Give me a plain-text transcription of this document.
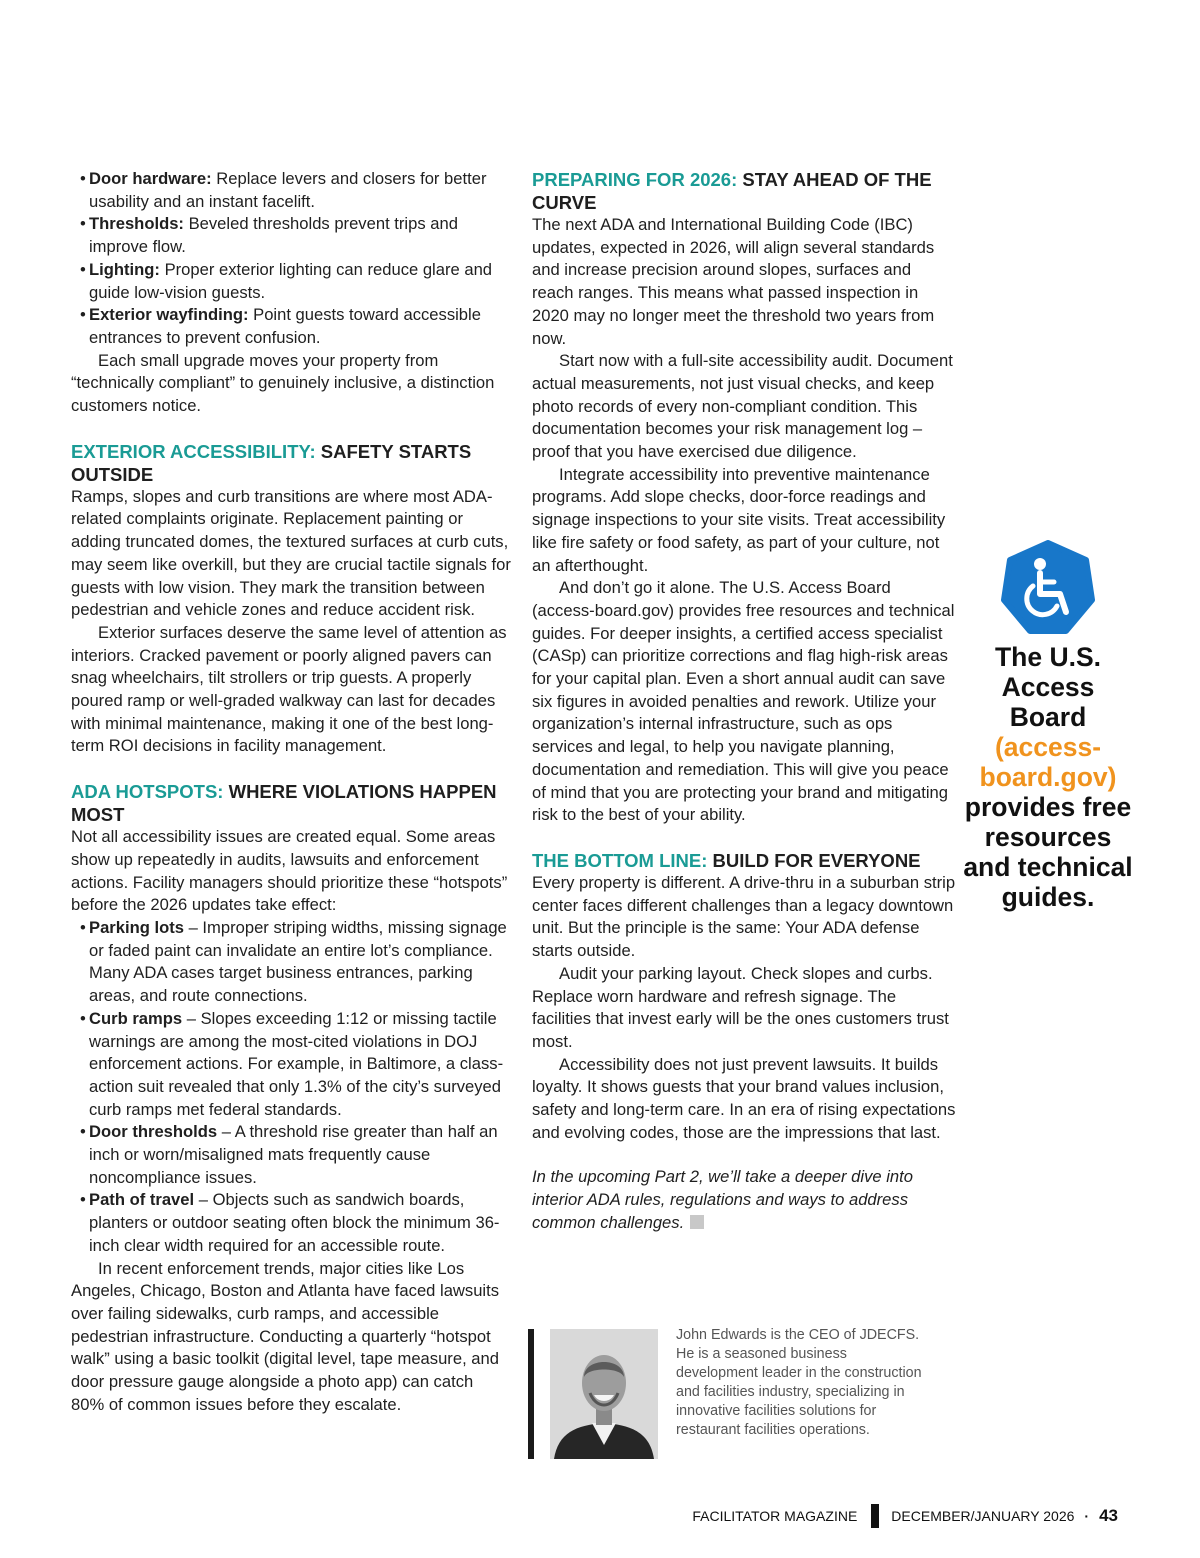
• Door hardware: Replace levers and closers for better usability and an instant facelift.
• Thresholds: Beveled thresholds prevent trips and improve flow.
• Lighting: Proper exterior lighting can reduce glare and guide low-vision guests.
• Exterior wayfinding: Point guests toward accessible entrances to prevent confusion.

Each small upgrade moves your property from “technically compliant” to genuinely inclusive, a distinction customers notice.

EXTERIOR ACCESSIBILITY: SAFETY STARTS OUTSIDE

Ramps, slopes and curb transitions are where most ADA-related complaints originate. Replacement painting or adding truncated domes, the textured surfaces at curb cuts, may seem like overkill, but they are crucial tactile signals for guests with low vision. They mark the transition between pedestrian and vehicle zones and reduce accident risk.

Exterior surfaces deserve the same level of attention as interiors. Cracked pavement or poorly aligned pavers can snag wheelchairs, tilt strollers or trip guests. A properly poured ramp or well-graded walkway can last for decades with minimal maintenance, making it one of the best long-term ROI decisions in facility management.

ADA HOTSPOTS: WHERE VIOLATIONS HAPPEN MOST

Not all accessibility issues are created equal. Some areas show up repeatedly in audits, lawsuits and enforcement actions. Facility managers should prioritize these “hotspots” before the 2026 updates take effect:

• Parking lots – Improper striping widths, missing signage or faded paint can invalidate an entire lot’s compliance. Many ADA cases target business entrances, parking areas, and route connections.
• Curb ramps – Slopes exceeding 1:12 or missing tactile warnings are among the most-cited violations in DOJ enforcement actions. For example, in Baltimore, a class-action suit revealed that only 1.3% of the city’s surveyed curb ramps met federal standards.
• Door thresholds – A threshold rise greater than half an inch or worn/misaligned mats frequently cause noncompliance issues.
• Path of travel – Objects such as sandwich boards, planters or outdoor seating often block the minimum 36-inch clear width required for an accessible route.

In recent enforcement trends, major cities like Los Angeles, Chicago, Boston and Atlanta have faced lawsuits over failing sidewalks, curb ramps, and accessible pedestrian infrastructure. Conducting a quarterly “hotspot walk” using a basic toolkit (digital level, tape measure, and door pressure gauge alongside a photo app) can catch 80% of common issues before they escalate.

PREPARING FOR 2026: STAY AHEAD OF THE CURVE

The next ADA and International Building Code (IBC) updates, expected in 2026, will align several standards and increase precision around slopes, surfaces and reach ranges. This means what passed inspection in 2020 may no longer meet the threshold two years from now.

Start now with a full-site accessibility audit. Document actual measurements, not just visual checks, and keep photo records of every non-compliant condition. This documentation becomes your risk management log – proof that you have exercised due diligence.

Integrate accessibility into preventive maintenance programs. Add slope checks, door-force readings and signage inspections to your site visits. Treat accessibility like fire safety or food safety, as part of your culture, not an afterthought.

And don’t go it alone. The U.S. Access Board (access-board.gov) provides free resources and technical guides. For deeper insights, a certified access specialist (CASp) can prioritize corrections and flag high-risk areas for your capital plan. Even a short annual audit can save six figures in avoided penalties and rework. Utilize your organization’s internal infrastructure, such as ops services and legal, to help you navigate planning, documentation and remediation. This will give you peace of mind that you are protecting your brand and mitigating risk to the best of your ability.

THE BOTTOM LINE: BUILD FOR EVERYONE

Every property is different. A drive-thru in a suburban strip center faces different challenges than a legacy downtown unit. But the principle is the same: Your ADA defense starts outside.

Audit your parking layout. Check slopes and curbs. Replace worn hardware and refresh signage. The facilities that invest early will be the ones customers trust most.

Accessibility does not just prevent lawsuits. It builds loyalty. It shows guests that your brand values inclusion, safety and long-term care. In an era of rising expectations and evolving codes, those are the impressions that last.

In the upcoming Part 2, we’ll take a deeper dive into interior ADA rules, regulations and ways to address common challenges.

The U.S. Access Board
(access-board.gov)
provides free resources and technical guides.
John Edwards is the CEO of JDECFS. He is a seasoned business development leader in the construction and facilities industry, specializing in innovative facilities solutions for restaurant facilities operations.
FACILITATOR MAGAZINE DECEMBER/JANUARY 2026 · 43
